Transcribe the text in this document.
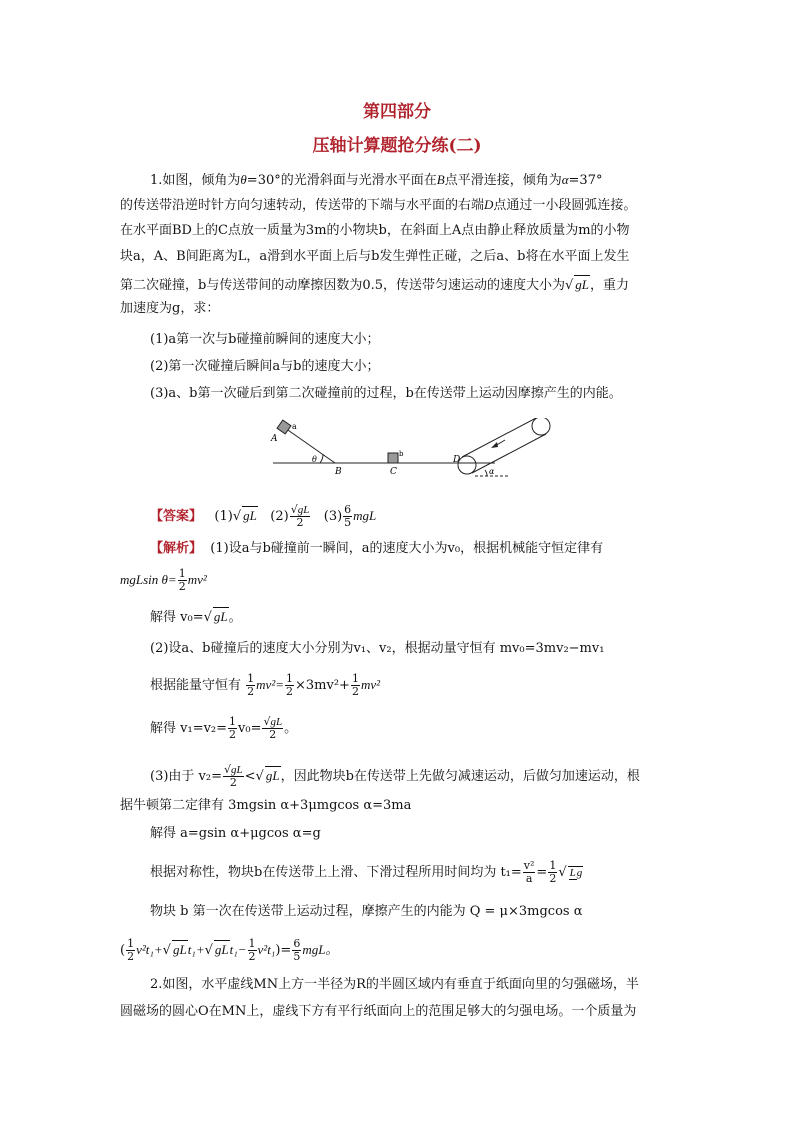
第四部分
压轴计算题抢分练(二)
1.如图，倾角为θ=30°的光滑斜面与光滑水平面在B点平滑连接，倾角为α=37°
的传送带沿逆时针方向匀速转动，传送带的下端与水平面的右端D点通过一小段圆弧连接。
在水平面BD上的C点放一质量为3m的小物块b，在斜面上A点由静止释放质量为m的小物
块a，A、B间距离为L，a滑到水平面上后与b发生弹性正碰，之后a、b将在水平面上发生
第二次碰撞，b与传送带间的动摩擦因数为0.5，传送带匀速运动的速度大小为√ gL，重力
加速度为g，求：
(1)a第一次与b碰撞前瞬间的速度大小；
(2)第一次碰撞后瞬间a与b的速度大小；
(3)a、b第一次碰后到第二次碰撞前的过程，b在传送带上运动因摩擦产生的内能。
A
a
θ
B	C
b
D
α
【答案】 (1)√ gL $(2) \frac{√gL}{2} (3) \frac{6}{5}$ mgL
【解析】 (1)设a与b碰撞前一瞬间，a的速度大小为v₀，根据机械能守恒定律有
mgLsin $\theta= \frac{1}{2} mv^2$
解得 v₀=√ gL。
(2)设a、b碰撞后的速度大小分别为v₁、v₂，根据动量守恒有 mv₀=3mv₂−mv₁
根据能量守恒有 $\frac{1}{2} mv^2= \frac{1}{2} \times 3mv^2+ \frac{1}{2} mv^2$
解得 $v_1=v_2= \frac{1}{2} v_0= \frac{√gL}{2}$ 。
(3)由于 $v_2= \frac{√gL}{2}$ <√ gL，因此物块b在传送带上先做匀减速运动，后做匀加速运动，根
据牛顿第二定律有 3mgsin α+3μmgcos α=3ma
解得 a=gsin α+μgcos α=g
根据对称性，物块b在传送带上上滑、下滑过程所用时间均为 $t_1= \frac{\text{v²}}{a} = \frac{1}{2}$ √ Lg
物块 b 第一次在传送带上运动过程，摩擦产生的内能为 Q = μ×3mgcos α
( $\frac{1}{2} v^2t_1+√$ gLt₁+√ $gLt_1- \frac{1}{2} v^2t_1)= \frac{6}{5}$ mgL。
2.如图，水平虚线MN上方一半径为R的半圆区域内有垂直于纸面向里的匀强磁场，半
圆磁场的圆心O在MN上，虚线下方有平行纸面向上的范围足够大的匀强电场。一个质量为
